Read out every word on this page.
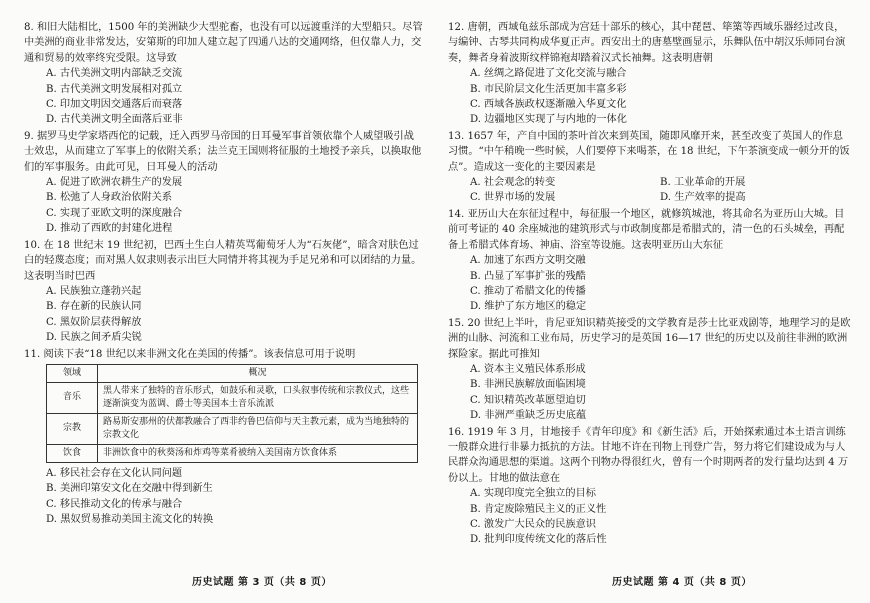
8. 和旧大陆相比，1500 年的美洲缺少大型驼畜，也没有可以远渡重洋的大型船只。尽管中美洲的商业非常发达，安第斯的印加人建立起了四通八达的交通网络，但仅靠人力，交通和贸易的效率终究受限。这导致

A. 古代美洲文明内部缺乏交流

B. 古代美洲文明发展相对孤立

C. 印加文明因交通落后而衰落

D. 古代美洲文明全面落后亚非

9. 据罗马史学家塔西佗的记载，迁入西罗马帝国的日耳曼军事首领依靠个人威望吸引战士效忠，从而建立了军事上的依附关系；法兰克王国则将征服的土地授予亲兵，以换取他们的军事服务。由此可见，日耳曼人的活动

A. 促进了欧洲农耕生产的发展

B. 松弛了人身政治依附关系

C. 实现了亚欧文明的深度融合

D. 推动了西欧的封建化进程

10. 在 18 世纪末 19 世纪初，巴西土生白人精英骂葡萄牙人为“石灰佬”，暗含对肤色过白的轻蔑态度；而对黑人奴隶则表示出巨大同情并将其视为手足兄弟和可以团结的力量。这表明当时巴西

A. 民族独立蓬勃兴起

B. 存在新的民族认同

C. 黑奴阶层获得解放

D. 民族之间矛盾尖锐

11. 阅读下表“18 世纪以来非洲文化在美国的传播”。该表信息可用于说明

领域	概况
音乐	黑人带来了独特的音乐形式，如鼓乐和灵歌，口头叙事传统和宗教仪式，这些逐渐演变为蓝调、爵士等美国本土音乐流派
宗教	路易斯安那州的伏都教融合了西非约鲁巴信仰与天主教元素，成为当地独特的宗教文化
饮食	非洲饮食中的秋葵汤和炸鸡等菜肴被纳入美国南方饮食体系

A. 移民社会存在文化认同问题

B. 美洲印第安文化在交融中得到新生

C. 移民推动文化的传承与融合

D. 黑奴贸易推动美国主流文化的转换

12. 唐朝，西域龟兹乐部成为宫廷十部乐的核心，其中琵琶、筚篥等西域乐器经过改良，与编钟、古琴共同构成华夏正声。西安出土的唐墓壁画显示，乐舞队伍中胡汉乐师同台演奏，舞者身着波斯纹样锦袍却踏着汉式长袖舞。这表明唐朝

A. 丝绸之路促进了文化交流与融合

B. 市民阶层文化生活更加丰富多彩

C. 西域各族政权逐渐融入华夏文化

D. 边疆地区实现了与内地的一体化

13. 1657 年，产自中国的茶叶首次来到英国，随即风靡开来，甚至改变了英国人的作息习惯。“中午稍晚一些时候，人们要停下来喝茶，在 18 世纪，下午茶演变成一顿分开的饭点”。造成这一变化的主要因素是

A. 社会观念的转变	B. 工业革命的开展
C. 世界市场的发展	D. 生产效率的提高

14. 亚历山大在东征过程中，每征服一个地区，就修筑城池，将其命名为亚历山大城。目前可考证的 40 余座城池的建筑形式与市政制度都是希腊式的，清一色的石头城垒，再配备上希腊式体育场、神庙、浴室等设施。这表明亚历山大东征

A. 加速了东西方文明交融

B. 凸显了军事扩张的残酷

C. 推动了希腊文化的传播

D. 维护了东方地区的稳定

15. 20 世纪上半叶，肯尼亚知识精英接受的文学教育是莎士比亚戏剧等，地理学习的是欧洲的山脉、河流和工业布局，历史学习的是英国 16—17 世纪的历史以及前往非洲的欧洲探险家。据此可推知

A. 资本主义殖民体系形成

B. 非洲民族解放面临困境

C. 知识精英改革愿望迫切

D. 非洲严重缺乏历史底蕴

16. 1919 年 3 月，甘地接手《青年印度》和《新生活》后，开始探索通过本土语言训练一般群众进行非暴力抵抗的方法。甘地不许在刊物上刊登广告，努力将它们建设成为与人民群众沟通思想的渠道。这两个刊物办得很红火，曾有一个时期两者的发行量均达到 4 万份以上。甘地的做法意在

A. 实现印度完全独立的目标

B. 肯定废除殖民主义的正义性

C. 激发广大民众的民族意识

D. 批判印度传统文化的落后性

历史试题 第 3 页（共 8 页）	历史试题 第 4 页（共 8 页）
